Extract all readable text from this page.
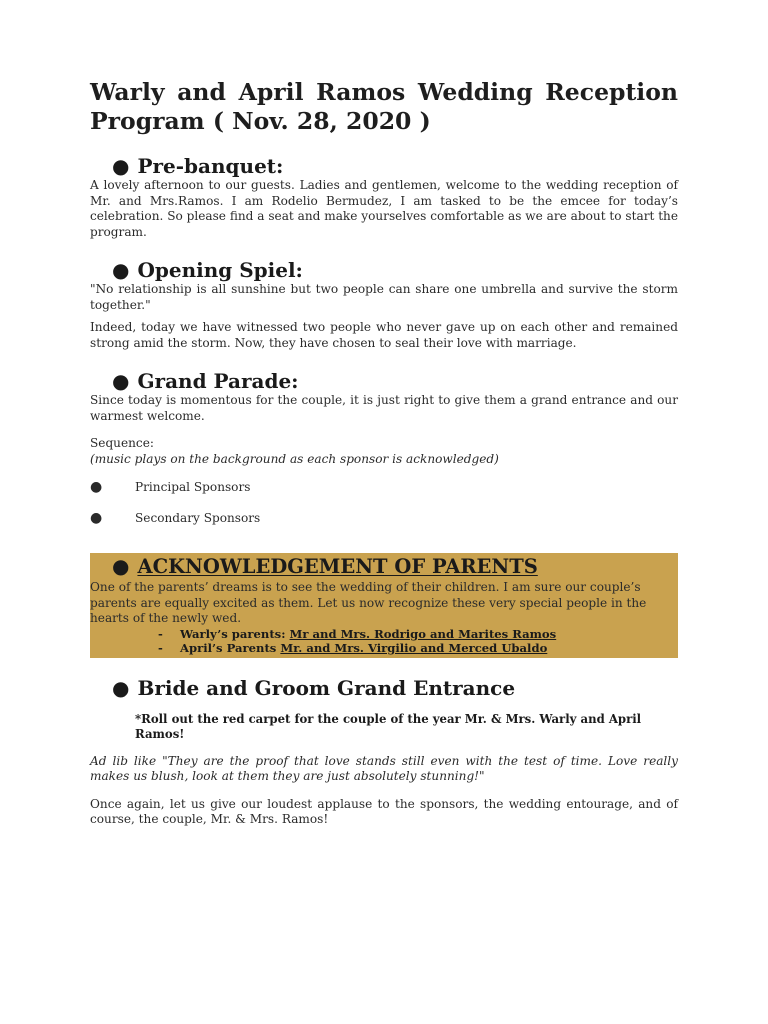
Warly and April Ramos Wedding Reception Program ( Nov. 28, 2020 )
● Pre-banquet:

A lovely afternoon to our guests. Ladies and gentlemen, welcome to the wedding reception of Mr. and Mrs.Ramos. I am Rodelio Bermudez, I am tasked to be the emcee for today’s celebration. So please find a seat and make yourselves comfortable as we are about to start the program.

● Opening Spiel:

"No relationship is all sunshine but two people can share one umbrella and survive the storm together."

Indeed, today we have witnessed two people who never gave up on each other and remained strong amid the storm. Now, they have chosen to seal their love with marriage.

● Grand Parade:

Since today is momentous for the couple, it is just right to give them a grand entrance and our warmest welcome.

Sequence:

(music plays on the background as each sponsor is acknowledged)

●	Principal Sponsors
●	Secondary Sponsors
● ACKNOWLEDGEMENT OF PARENTS

One of the parents’ dreams is to see the wedding of their children. I am sure our couple’s parents are equally excited as them. Let us now recognize these very special people in the hearts of the newly wed.

- Warly’s parents: Mr and Mrs. Rodrigo and Marites Ramos
- April’s Parents Mr. and Mrs. Virgilio and Merced Ubaldo
● Bride and Groom Grand Entrance

*Roll out the red carpet for the couple of the year Mr. & Mrs. Warly and April Ramos!

Ad lib like "They are the proof that love stands still even with the test of time. Love really makes us blush, look at them they are just absolutely stunning!"

Once again, let us give our loudest applause to the sponsors, the wedding entourage, and of course, the couple, Mr. & Mrs. Ramos!
